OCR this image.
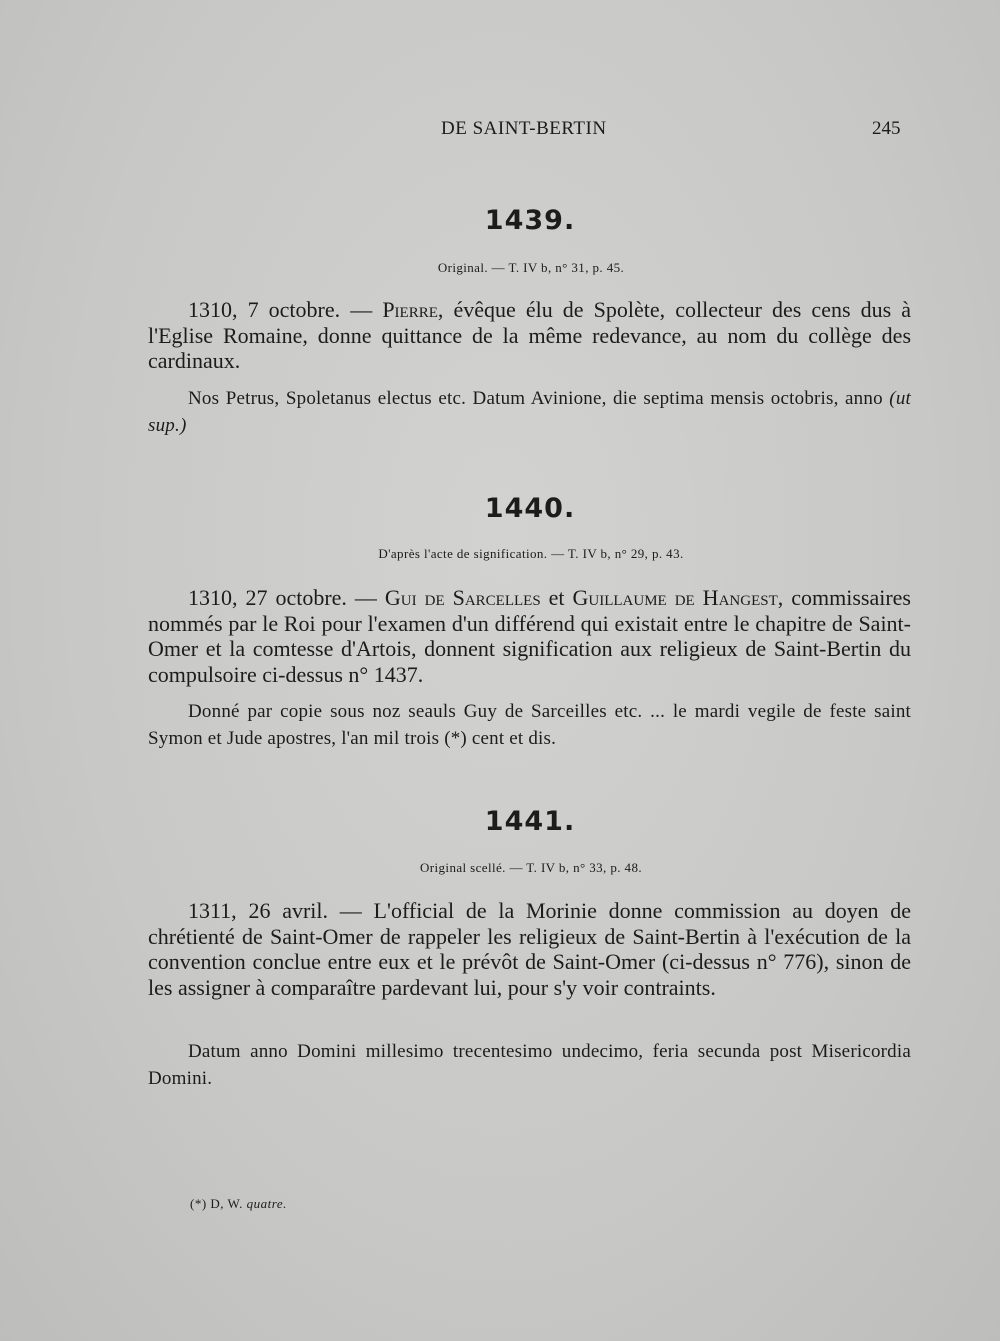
DE SAINT-BERTIN	245
1439.
Original. — T. IV b, n° 31, p. 45.

1310, 7 octobre. — Pierre, évêque élu de Spolète, collecteur des cens dus à l'Eglise Romaine, donne quittance de la même redevance, au nom du collège des cardinaux.

Nos Petrus, Spoletanus electus etc. Datum Avinione, die septima mensis octobris, anno (ut sup.)

1440.
D'après l'acte de signification. — T. IV b, n° 29, p. 43.

1310, 27 octobre. — Gui de Sarcelles et Guillaume de Hangest, commissaires nommés par le Roi pour l'examen d'un différend qui existait entre le chapitre de Saint-Omer et la comtesse d'Artois, donnent signification aux religieux de Saint-Bertin du compulsoire ci-dessus n° 1437.

Donné par copie sous noz seauls Guy de Sarceilles etc. ... le mardi vegile de feste saint Symon et Jude apostres, l'an mil trois (*) cent et dis.

1441.
Original scellé. — T. IV b, n° 33, p. 48.

1311, 26 avril. — L'official de la Morinie donne commission au doyen de chrétienté de Saint-Omer de rappeler les religieux de Saint-Bertin à l'exécution de la convention conclue entre eux et le prévôt de Saint-Omer (ci-dessus n° 776), sinon de les assigner à comparaître pardevant lui, pour s'y voir contraints.

Datum anno Domini millesimo trecentesimo undecimo, feria secunda post Misericordia Domini.

(*) D, W. quatre.
